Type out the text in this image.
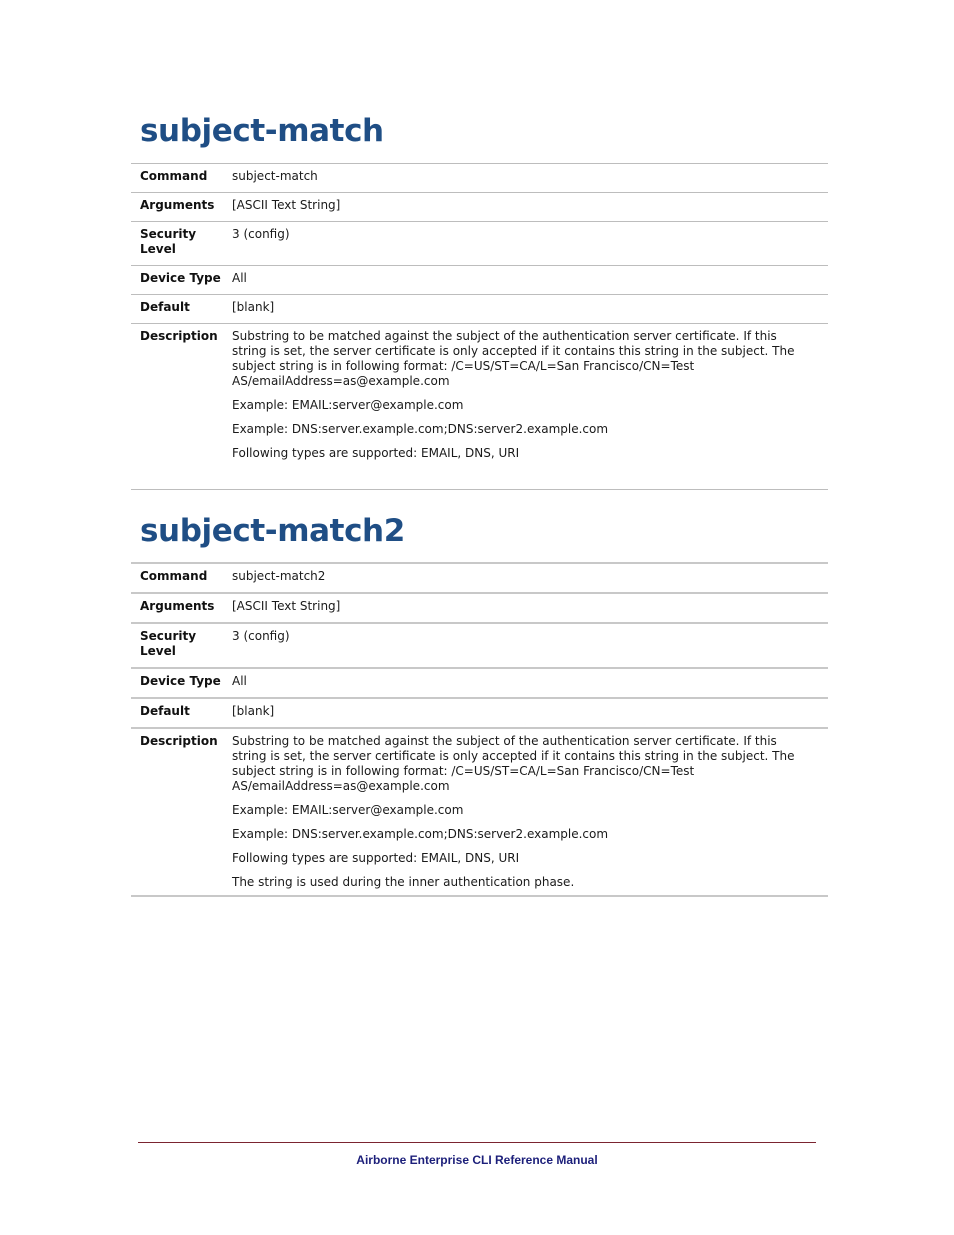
subject-match
Command	subject-match
Arguments	[ASCII Text String]
Security Level	3 (config)
Device Type	All
Default	[blank]
Description	Substring to be matched against the subject of the authentication server certificate. If this string is set, the server certificate is only accepted if it contains this string in the subject. The subject string is in following format: /C=US/ST=CA/L=San Francisco/CN=Test AS/emailAddress=as@example.com

Example: EMAIL:server@example.com

Example: DNS:server.example.com;DNS:server2.example.com

Following types are supported: EMAIL, DNS, URI

subject-match2
Command	subject-match2
Arguments	[ASCII Text String]
Security Level	3 (config)
Device Type	All
Default	[blank]
Description	Substring to be matched against the subject of the authentication server certificate. If this string is set, the server certificate is only accepted if it contains this string in the subject. The subject string is in following format: /C=US/ST=CA/L=San Francisco/CN=Test AS/emailAddress=as@example.com

Example: EMAIL:server@example.com

Example: DNS:server.example.com;DNS:server2.example.com

Following types are supported: EMAIL, DNS, URI

The string is used during the inner authentication phase.

Airborne Enterprise CLI Reference Manual
